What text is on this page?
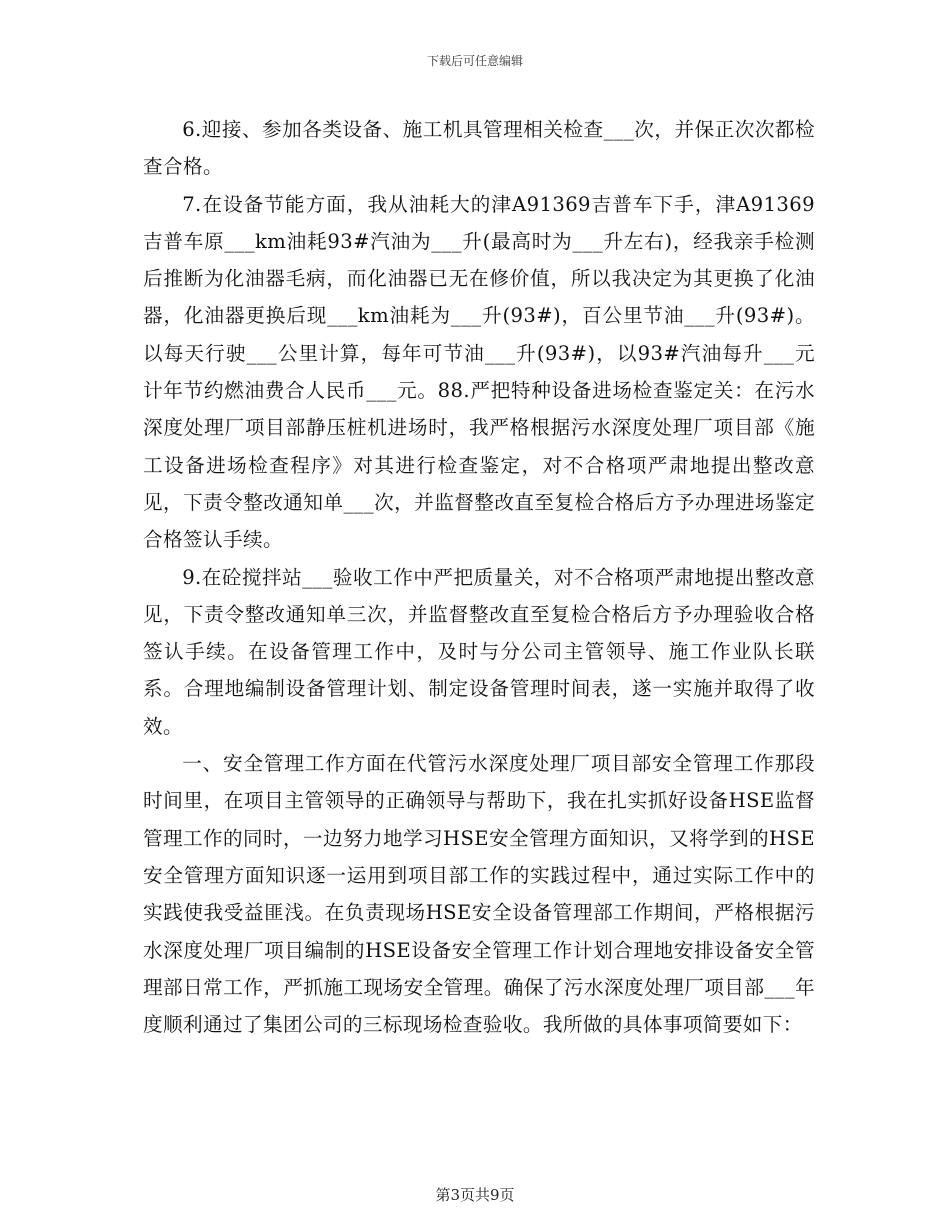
下载后可任意编辑

6.迎接、参加各类设备、施工机具管理相关检查___次，并保正次次都检查合格。

7.在设备节能方面，我从油耗大的津A91369吉普车下手，津A91369吉普车原___km油耗93#汽油为___升(最高时为___升左右)，经我亲手检测后推断为化油器毛病，而化油器已无在修价值，所以我决定为其更换了化油器，化油器更换后现___km油耗为___升(93#)，百公里节油___升(93#)。以每天行驶___公里计算，每年可节油___升(93#)，以93#汽油每升___元计年节约燃油费合人民币___元。88.严把特种设备进场检查鉴定关：在污水深度处理厂项目部静压桩机进场时，我严格根据污水深度处理厂项目部《施工设备进场检查程序》对其进行检查鉴定，对不合格项严肃地提出整改意见，下责令整改通知单___次，并监督整改直至复检合格后方予办理进场鉴定合格签认手续。

9.在砼搅拌站___验收工作中严把质量关，对不合格项严肃地提出整改意见，下责令整改通知单三次，并监督整改直至复检合格后方予办理验收合格签认手续。在设备管理工作中，及时与分公司主管领导、施工作业队长联系。合理地编制设备管理计划、制定设备管理时间表，遂一实施并取得了收效。

一、安全管理工作方面在代管污水深度处理厂项目部安全管理工作那段时间里，在项目主管领导的正确领导与帮助下，我在扎实抓好设备HSE监督管理工作的同时，一边努力地学习HSE安全管理方面知识，又将学到的HSE安全管理方面知识逐一运用到项目部工作的实践过程中，通过实际工作中的实践使我受益匪浅。在负责现场HSE安全设备管理部工作期间，严格根据污水深度处理厂项目编制的HSE设备安全管理工作计划合理地安排设备安全管理部日常工作，严抓施工现场安全管理。确保了污水深度处理厂项目部___年度顺利通过了集团公司的三标现场检查验收。我所做的具体事项简要如下：

第3页共9页
